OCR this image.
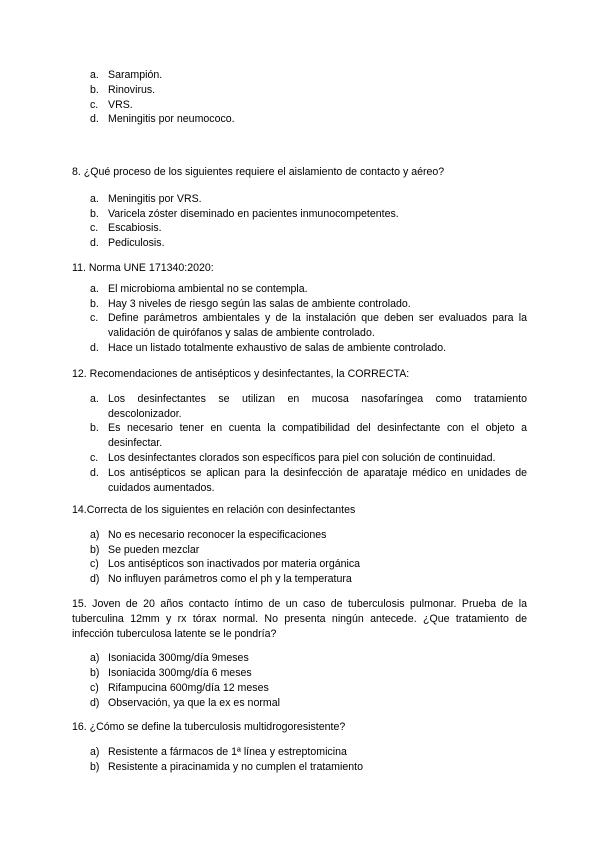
a. Sarampión.
b. Rinovirus.
c. VRS.
d. Meningitis por neumococo.

8. ¿Qué proceso de los siguientes requiere el aislamiento de contacto y aéreo?

a. Meningitis por VRS.
b. Varicela zóster diseminado en pacientes inmunocompetentes.
c. Escabiosis.
d. Pediculosis.

11. Norma UNE 171340:2020:

a. El microbioma ambiental no se contempla.
b. Hay 3 niveles de riesgo según las salas de ambiente controlado.
c. Define parámetros ambientales y de la instalación que deben ser evaluados para la validación de quirófanos y salas de ambiente controlado.
d. Hace un listado totalmente exhaustivo de salas de ambiente controlado.

12. Recomendaciones de antisépticos y desinfectantes, la CORRECTA:

a. Los desinfectantes se utilizan en mucosa nasofaríngea como tratamiento descolonizador.
b. Es necesario tener en cuenta la compatibilidad del desinfectante con el objeto a desinfectar.
c. Los desinfectantes clorados son específicos para piel con solución de continuidad.
d. Los antisépticos se aplican para la desinfección de aparataje médico en unidades de cuidados aumentados.

14.Correcta de los siguientes en relación con desinfectantes

a) No es necesario reconocer la especificaciones
b) Se pueden mezclar
c) Los antisépticos son inactivados por materia orgánica
d) No influyen parámetros como el ph y la temperatura

15. Joven de 20 años contacto íntimo de un caso de tuberculosis pulmonar. Prueba de la tuberculina 12mm y rx tórax normal. No presenta ningún antecede. ¿Que tratamiento de infección tuberculosa latente se le pondría?

a) Isoniacida 300mg/día 9meses
b) Isoniacida 300mg/día 6 meses
c) Rifampucina 600mg/día 12 meses
d) Observación, ya que la ex es normal

16. ¿Cómo se define la tuberculosis multidrogoresistente?

a) Resistente a fármacos de 1ª línea y estreptomicina
b) Resistente a piracinamida y no cumplen el tratamiento
